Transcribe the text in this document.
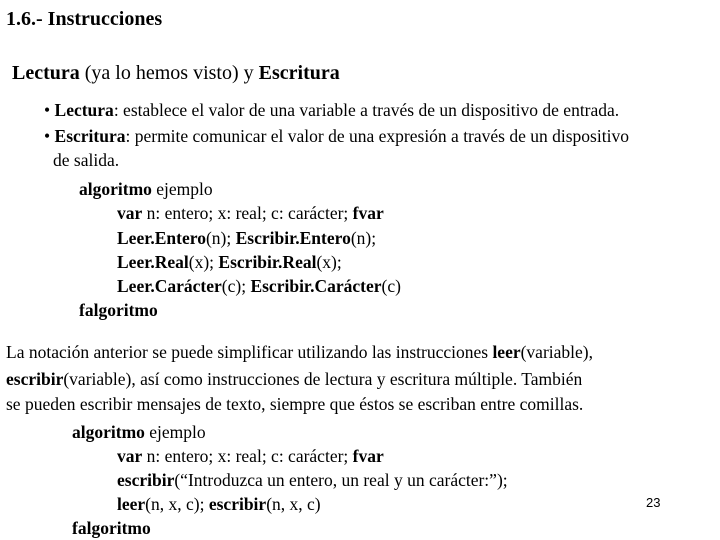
1.6.- Instrucciones
Lectura (ya lo hemos visto) y Escritura
• Lectura: establece el valor de una variable a través de un dispositivo de entrada.
• Escritura: permite comunicar el valor de una expresión a través de un dispositivo
de salida.
algoritmo ejemplo
var n: entero; x: real; c: carácter; fvar
Leer.Entero(n); Escribir.Entero(n);
Leer.Real(x); Escribir.Real(x);
Leer.Carácter(c); Escribir.Carácter(c)
falgoritmo
La notación anterior se puede simplificar utilizando las instrucciones leer(variable),
escribir(variable), así como instrucciones de lectura y escritura múltiple. También
se pueden escribir mensajes de texto, siempre que éstos se escriban entre comillas.
algoritmo ejemplo
var n: entero; x: real; c: carácter; fvar
escribir(“Introduzca un entero, un real y un carácter:”);
leer(n, x, c); escribir(n, x, c)
falgoritmo
23
